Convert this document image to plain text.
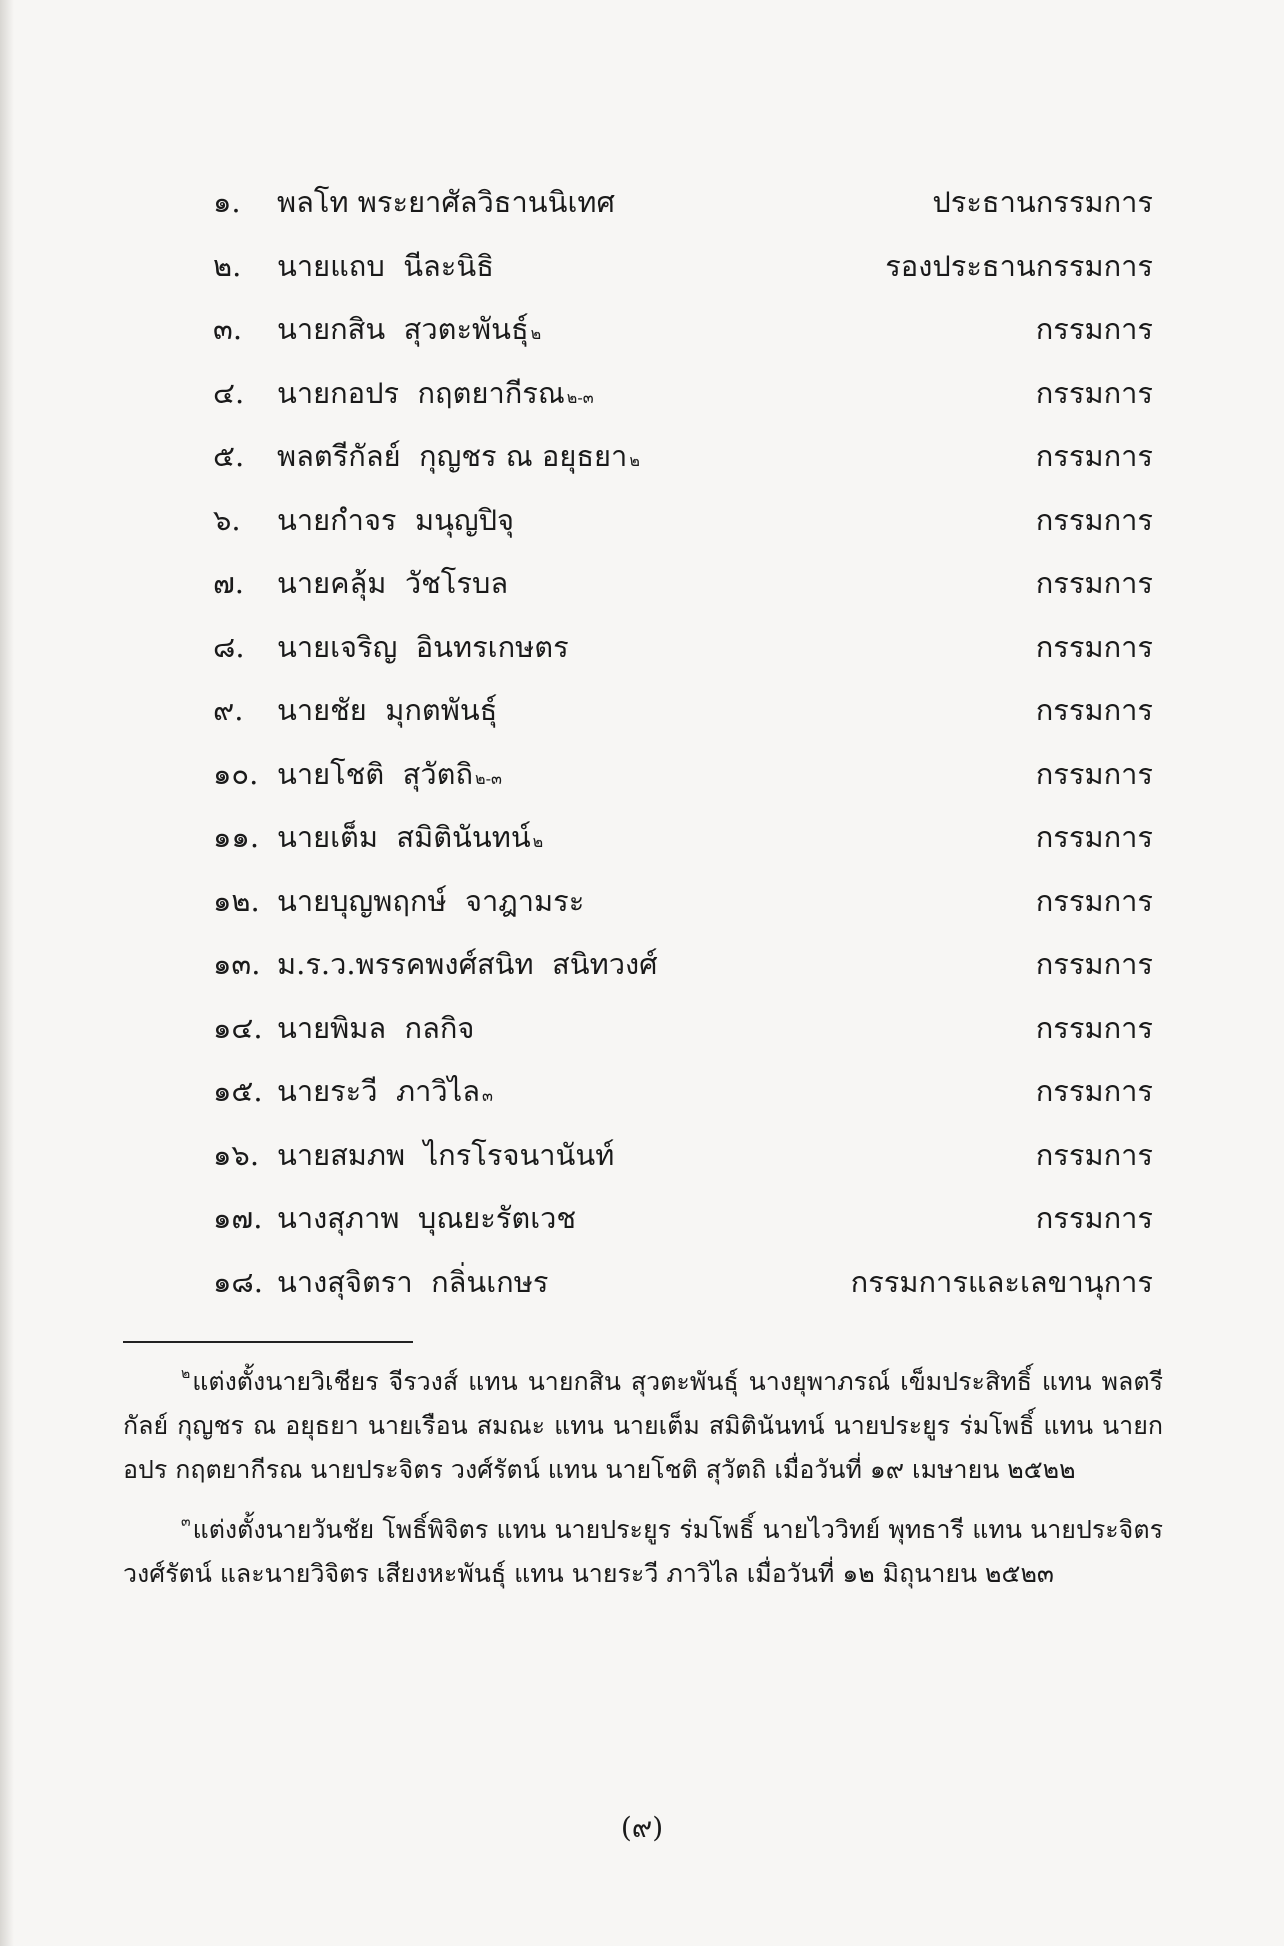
๑.	พลโท พระยาศัลวิธานนิเทศ	ประธานกรรมการ
๒.	นายแถบ  นีละนิธิ	รองประธานกรรมการ
๓.	นายกสิน  สุวตะพันธุ์ ๒	กรรมการ
๔.	นายกอปร  กฤตยากีรณ ๒-๓	กรรมการ
๕.	พลตรีกัลย์  กุญชร ณ อยุธยา ๒	กรรมการ
๖.	นายกำจร  มนุญปิจุ	กรรมการ
๗.	นายคลุ้ม  วัชโรบล	กรรมการ
๘.	นายเจริญ  อินทรเกษตร	กรรมการ
๙.	นายชัย  มุกตพันธุ์	กรรมการ
๑๐. นายโชติ  สุวัตถิ ๒-๓	กรรมการ
๑๑. นายเต็ม  สมิตินันทน์ ๒	กรรมการ
๑๒. นายบุญพฤกษ์  จาฎามระ	กรรมการ
๑๓. ม.ร.ว.พรรคพงศ์สนิท  สนิทวงศ์	กรรมการ
๑๔. นายพิมล  กลกิจ	กรรมการ
๑๕. นายระวี  ภาวิไล ๓	กรรมการ
๑๖. นายสมภพ  ไกรโรจนานันท์	กรรมการ
๑๗. นางสุภาพ  บุณยะรัตเวช	กรรมการ
๑๘. นางสุจิตรา  กลิ่นเกษร	กรรมการและเลขานุการ

$^๒$แต่งตั้งนายวิเชียร จีรวงส์ แทน นายกสิน สุวตะพันธุ์ นางยุพาภรณ์ เข็มประสิทธิ์ แทน พลตรี กัลย์ กุญชร ณ อยุธยา นายเรือน สมณะ แทน นายเต็ม สมิตินันทน์ นายประยูร ร่มโพธิ์ แทน นายกอปร กฤตยากีรณ นายประจิตร วงศ์รัตน์ แทน นายโชติ สุวัตถิ เมื่อวันที่ ๑๙ เมษายน ๒๕๒๒

$^๓$แต่งตั้งนายวันชัย โพธิ์พิจิตร แทน นายประยูร ร่มโพธิ์ นายไววิทย์ พุทธารี แทน นายประจิตร วงศ์รัตน์ และนายวิจิตร เสียงหะพันธุ์ แทน นายระวี ภาวิไล เมื่อวันที่ ๑๒ มิถุนายน ๒๕๒๓

(๙)
